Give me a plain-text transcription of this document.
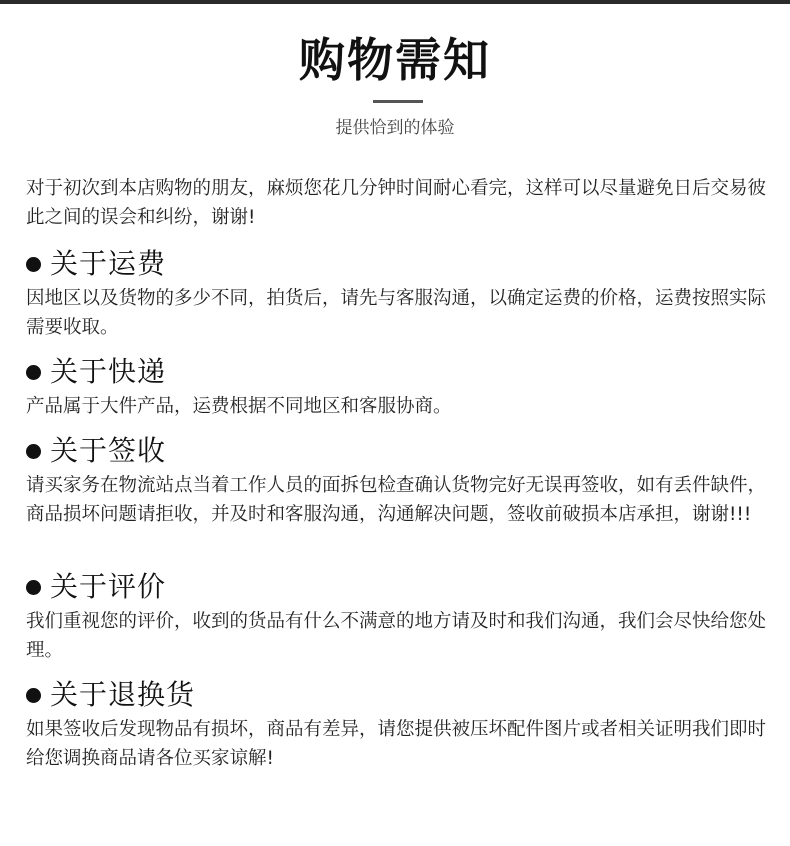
购物需知
提供恰到的体验

对于初次到本店购物的朋友，麻烦您花几分钟时间耐心看完，这样可以尽量避免日后交易彼此之间的误会和纠纷，谢谢!

关于运费

因地区以及货物的多少不同，拍货后，请先与客服沟通，以确定运费的价格，运费按照实际需要收取。

关于快递

产品属于大件产品，运费根据不同地区和客服协商。

关于签收

请买家务在物流站点当着工作人员的面拆包检查确认货物完好无误再签收，如有丢件缺件，商品损坏问题请拒收，并及时和客服沟通，沟通解决问题，签收前破损本店承担，谢谢!!!

关于评价

我们重视您的评价，收到的货品有什么不满意的地方请及时和我们沟通，我们会尽快给您处理。

关于退换货

如果签收后发现物品有损坏，商品有差异，请您提供被压坏配件图片或者相关证明我们即时给您调换商品请各位买家谅解!
